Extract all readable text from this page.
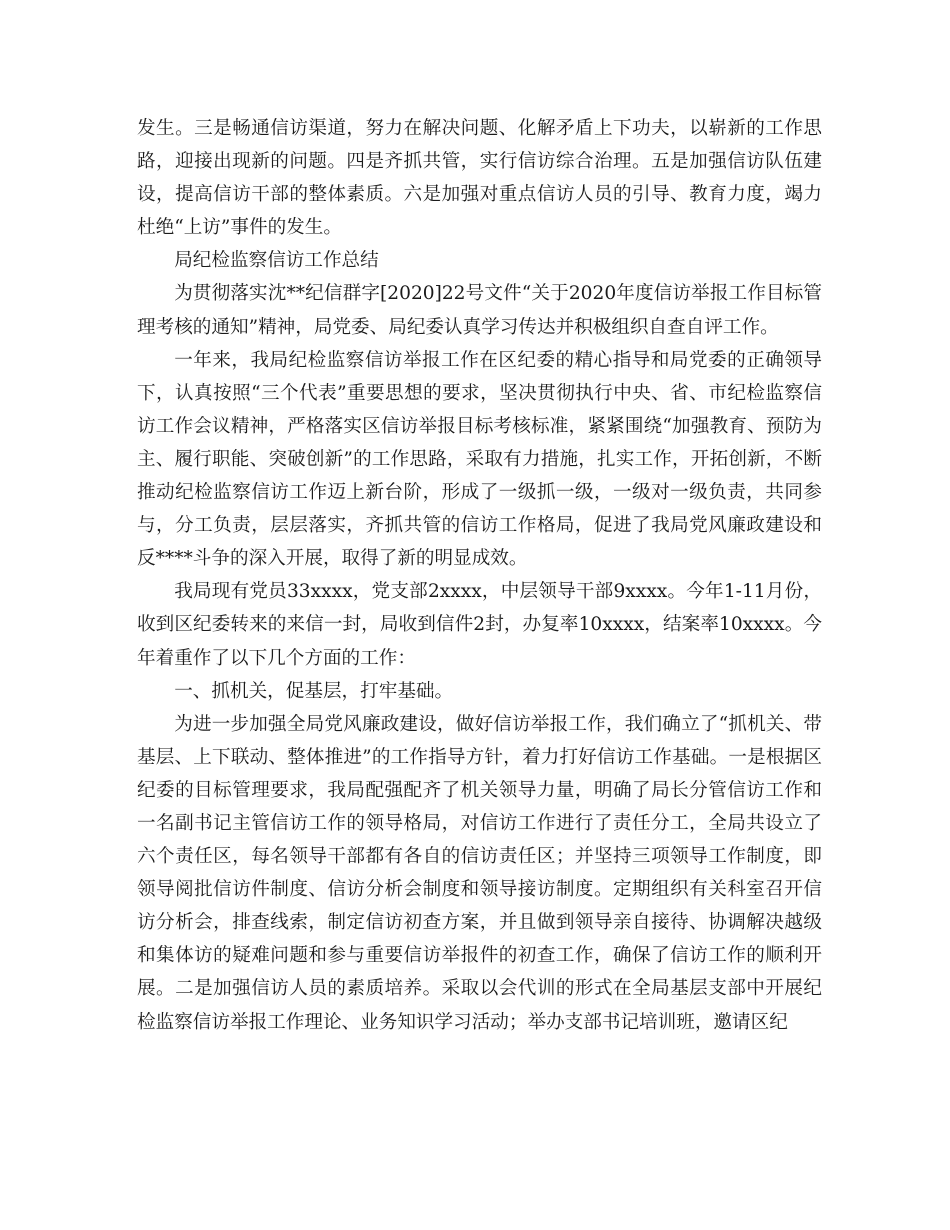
发生。三是畅通信访渠道，努力在解决问题、化解矛盾上下功夫，以崭新的工作思路，迎接出现新的问题。四是齐抓共管，实行信访综合治理。五是加强信访队伍建设，提高信访干部的整体素质。六是加强对重点信访人员的引导、教育力度，竭力杜绝“上访”事件的发生。

局纪检监察信访工作总结

为贯彻落实沈**纪信群字[2020]22号文件“关于2020年度信访举报工作目标管理考核的通知”精神，局党委、局纪委认真学习传达并积极组织自查自评工作。

一年来，我局纪检监察信访举报工作在区纪委的精心指导和局党委的正确领导下，认真按照“三个代表”重要思想的要求，坚决贯彻执行中央、省、市纪检监察信访工作会议精神，严格落实区信访举报目标考核标准，紧紧围绕“加强教育、预防为主、履行职能、突破创新”的工作思路，采取有力措施，扎实工作，开拓创新，不断推动纪检监察信访工作迈上新台阶，形成了一级抓一级，一级对一级负责，共同参与，分工负责，层层落实，齐抓共管的信访工作格局，促进了我局党风廉政建设和反****斗争的深入开展，取得了新的明显成效。

我局现有党员33xxxx，党支部2xxxx，中层领导干部9xxxx。今年1-11月份，收到区纪委转来的来信一封，局收到信件2封，办复率10xxxx，结案率10xxxx。今年着重作了以下几个方面的工作：

一、抓机关，促基层，打牢基础。

为进一步加强全局党风廉政建设，做好信访举报工作，我们确立了“抓机关、带基层、上下联动、整体推进”的工作指导方针，着力打好信访工作基础。一是根据区纪委的目标管理要求，我局配强配齐了机关领导力量，明确了局长分管信访工作和一名副书记主管信访工作的领导格局，对信访工作进行了责任分工，全局共设立了六个责任区，每名领导干部都有各自的信访责任区；并坚持三项领导工作制度，即领导阅批信访件制度、信访分析会制度和领导接访制度。定期组织有关科室召开信访分析会，排查线索，制定信访初查方案，并且做到领导亲自接待、协调解决越级和集体访的疑难问题和参与重要信访举报件的初查工作，确保了信访工作的顺利开展。二是加强信访人员的素质培养。采取以会代训的形式在全局基层支部中开展纪检监察信访举报工作理论、业务知识学习活动；举办支部书记培训班，邀请区纪
